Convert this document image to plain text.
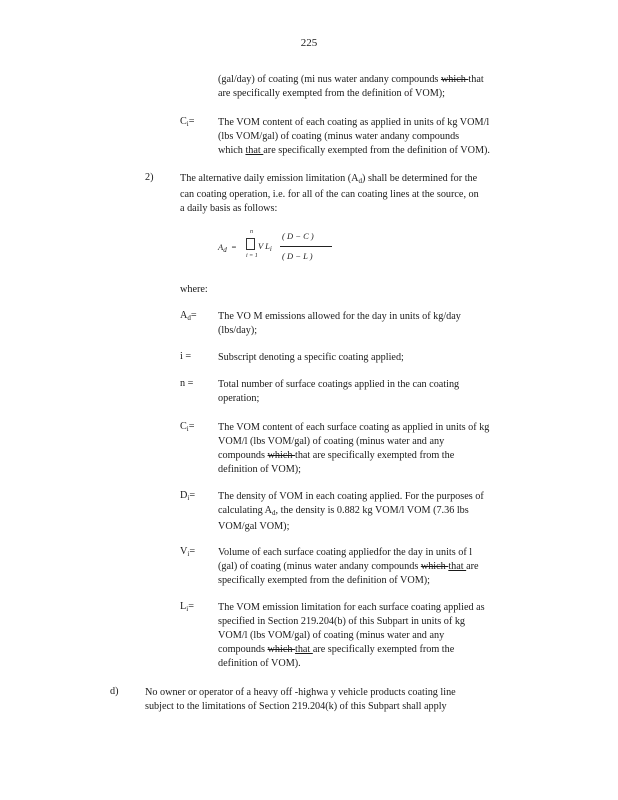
225
(gal/day) of coating (mi nus water andany compounds which that
are specifically exempted from the definition of VOM);
$C_i=$ The VOM content of each coating as applied in units of kg VOM/l
(lbs VOM/gal) of coating (minus water andany compounds
which that are specifically exempted from the definition of VOM).
2)	The alternative daily emission limitation $(A_d)$ shall be determined for the
can coating operation, i.e. for all of the can coating lines at the source, on
a daily basis as follows:
$A_d$ =
n
i = 1
V $L_i$
( D − C )
( D − L )
where:
$A_d=$ The VO M emissions allowed for the day in units of kg/day
(lbs/day);
i =	Subscript denoting a specific coating applied;
n = Total number of surface coatings applied in the can coating
operation;
$C_i=$ The VOM content of each surface coating as applied in units of kg
VOM/l (lbs VOM/gal) of coating (minus water and any
compounds which that are specifically exempted from the
definition of VOM);
$D_i=$ The density of VOM in each coating applied. For the purposes of
calculating $A_d$, the density is 0.882 kg VOM/l VOM (7.36 lbs
VOM/gal VOM);
$V_i=$ Volume of each surface coating appliedfor the day in units of l
(gal) of coating (minus water andany compounds which that are
specifically exempted from the definition of VOM);
$L_i=$ The VOM emission limitation for each surface coating applied as
specified in Section 219.204(b) of this Subpart in units of kg
VOM/l (lbs VOM/gal) of coating (minus water and any
compounds which that are specifically exempted from the
definition of VOM).
d)	No owner or operator of a heavy off -highwa y vehicle products coating line
subject to the limitations of Section 219.204(k) of this Subpart shall apply
